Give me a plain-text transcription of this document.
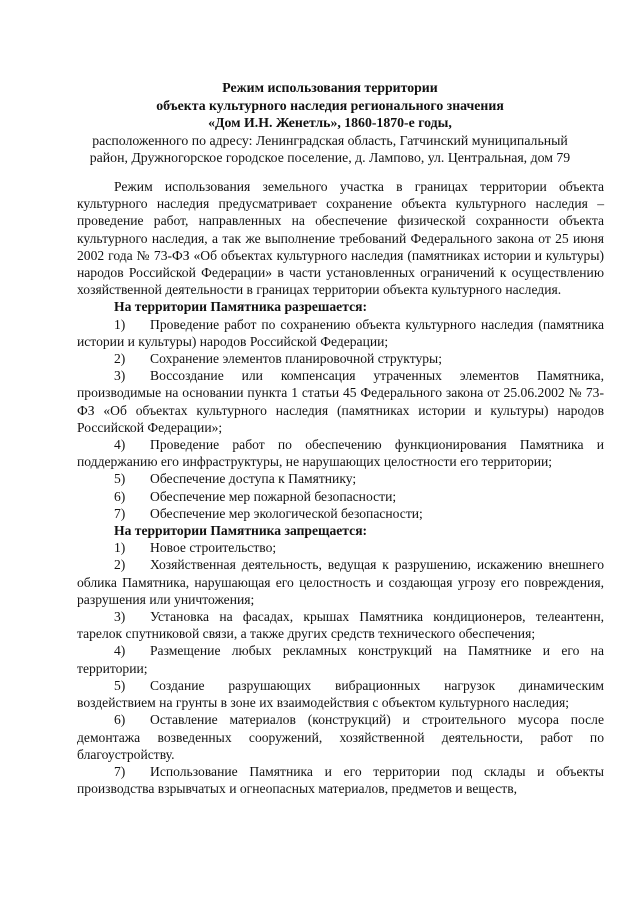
Режим использования территории
объекта культурного наследия регионального значения
«Дом И.Н. Женетль», 1860-1870-е годы,
расположенного по адресу: Ленинградская область, Гатчинский муниципальный
район, Дружногорское городское поселение, д. Лампово, ул. Центральная, дом 79

Режим использования земельного участка в границах территории объекта культурного наследия предусматривает сохранение объекта культурного наследия – проведение работ, направленных на обеспечение физической сохранности объекта культурного наследия, а так же выполнение требований Федерального закона от 25 июня 2002 года № 73-ФЗ «Об объектах культурного наследия (памятниках истории и культуры) народов Российской Федерации» в части установленных ограничений к осуществлению хозяйственной деятельности в границах территории объекта культурного наследия.

На территории Памятника разрешается:

1) Проведение работ по сохранению объекта культурного наследия (памятника истории и культуры) народов Российской Федерации;

2) Сохранение элементов планировочной структуры;

3) Воссоздание или компенсация утраченных элементов Памятника, производимые на основании пункта 1 статьи 45 Федерального закона от 25.06.2002 № 73-ФЗ «Об объектах культурного наследия (памятниках истории и культуры) народов Российской Федерации»;

4) Проведение работ по обеспечению функционирования Памятника и поддержанию его инфраструктуры, не нарушающих целостности его территории;

5) Обеспечение доступа к Памятнику;

6) Обеспечение мер пожарной безопасности;

7) Обеспечение мер экологической безопасности;

На территории Памятника запрещается:

1) Новое строительство;

2) Хозяйственная деятельность, ведущая к разрушению, искажению внешнего облика Памятника, нарушающая его целостность и создающая угрозу его повреждения, разрушения или уничтожения;

3) Установка на фасадах, крышах Памятника кондиционеров, телеантенн, тарелок спутниковой связи, а также других средств технического обеспечения;

4) Размещение любых рекламных конструкций на Памятнике и его на территории;

5) Создание разрушающих вибрационных нагрузок динамическим воздействием на грунты в зоне их взаимодействия с объектом культурного наследия;

6) Оставление материалов (конструкций) и строительного мусора после демонтажа возведенных сооружений, хозяйственной деятельности, работ по благоустройству.

7) Использование Памятника и его территории под склады и объекты производства взрывчатых и огнеопасных материалов, предметов и веществ,
